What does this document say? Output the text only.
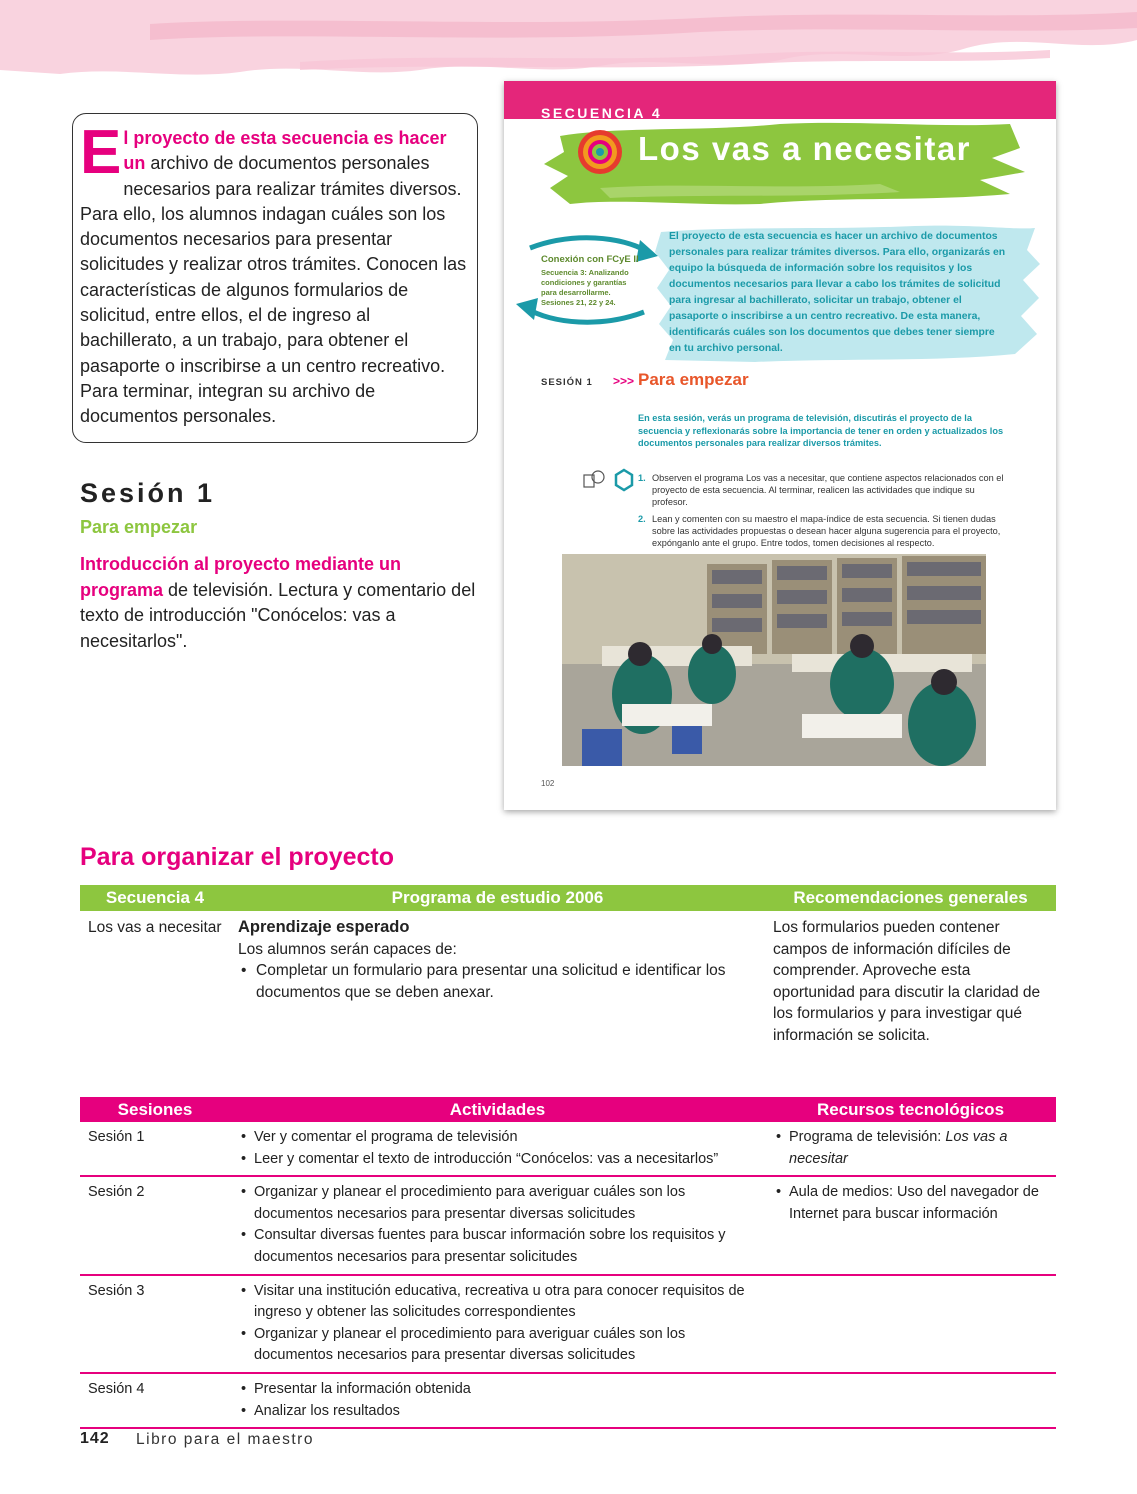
El proyecto de esta secuencia es hacer un archivo de documentos personales necesarios para realizar trámites diversos. Para ello, los alumnos indagan cuáles son los documentos necesarios para presentar solicitudes y realizar otros trámites. Conocen las características de algunos formularios de solicitud, entre ellos, el de ingreso al bachillerato, a un trabajo, para obtener el pasaporte o inscribirse a un centro recreativo. Para terminar, integran su archivo de documentos personales.
Sesión 1
Para empezar
Introducción al proyecto mediante un programa de televisión. Lectura y comentario del texto de introducción "Conócelos: vas a necesitarlos".
SECUENCIA 4
Los vas a necesitar
El proyecto de esta secuencia es hacer un archivo de documentos personales para realizar trámites diversos. Para ello, organizarás en equipo la búsqueda de información sobre los requisitos y los documentos necesarios para llevar a cabo los trámites de solicitud para ingresar al bachillerato, solicitar un trabajo, obtener el pasaporte o inscribirse a un centro recreativo. De esta manera, identificarás cuáles son los documentos que debes tener siempre en tu archivo personal.
Conexión con FCyE II
Secuencia 3: Analizando condiciones y garantías para desarrollarme. Sesiones 21, 22 y 24.
SESIÓN 1 >>> Para empezar
En esta sesión, verás un programa de televisión, discutirás el proyecto de la secuencia y reflexionarás sobre la importancia de tener en orden y actualizados los documentos personales para realizar diversos trámites.
1. Observen el programa Los vas a necesitar, que contiene aspectos relacionados con el proyecto de esta secuencia. Al terminar, realicen las actividades que indique su profesor.
2. Lean y comenten con su maestro el mapa-índice de esta secuencia. Si tienen dudas sobre las actividades propuestas o desean hacer alguna sugerencia para el proyecto, expónganlo ante el grupo. Entre todos, tomen decisiones al respecto.
102
Para organizar el proyecto
Secuencia 4	Programa de estudio 2006	Recomendaciones generales
Los vas a necesitar	Aprendizaje esperado
Los alumnos serán capaces de:
• Completar un formulario para presentar una solicitud e identificar los documentos que se deben anexar.	Los formularios pueden contener campos de información difíciles de comprender. Aproveche esta oportunidad para discutir la claridad de los formularios y para investigar qué información se solicita.
Sesiones	Actividades	Recursos tecnológicos
Sesión 1	• Ver y comentar el programa de televisión
• Leer y comentar el texto de introducción “Conócelos: vas a necesitarlos”	• Programa de televisión: Los vas a necesitar

Sesión 2	• Organizar y planear el procedimiento para averiguar cuáles son los documentos necesarios para presentar diversas solicitudes
• Consultar diversas fuentes para buscar información sobre los requisitos y documentos necesarios para presentar solicitudes	• Aula de medios: Uso del navegador de Internet para buscar información

Sesión 3	• Visitar una institución educativa, recreativa u otra para conocer requisitos de ingreso y obtener las solicitudes correspondientes
• Organizar y planear el procedimiento para averiguar cuáles son los documentos necesarios para presentar diversas solicitudes

Sesión 4	• Presentar la información obtenida
• Analizar los resultados

142 Libro para el maestro
